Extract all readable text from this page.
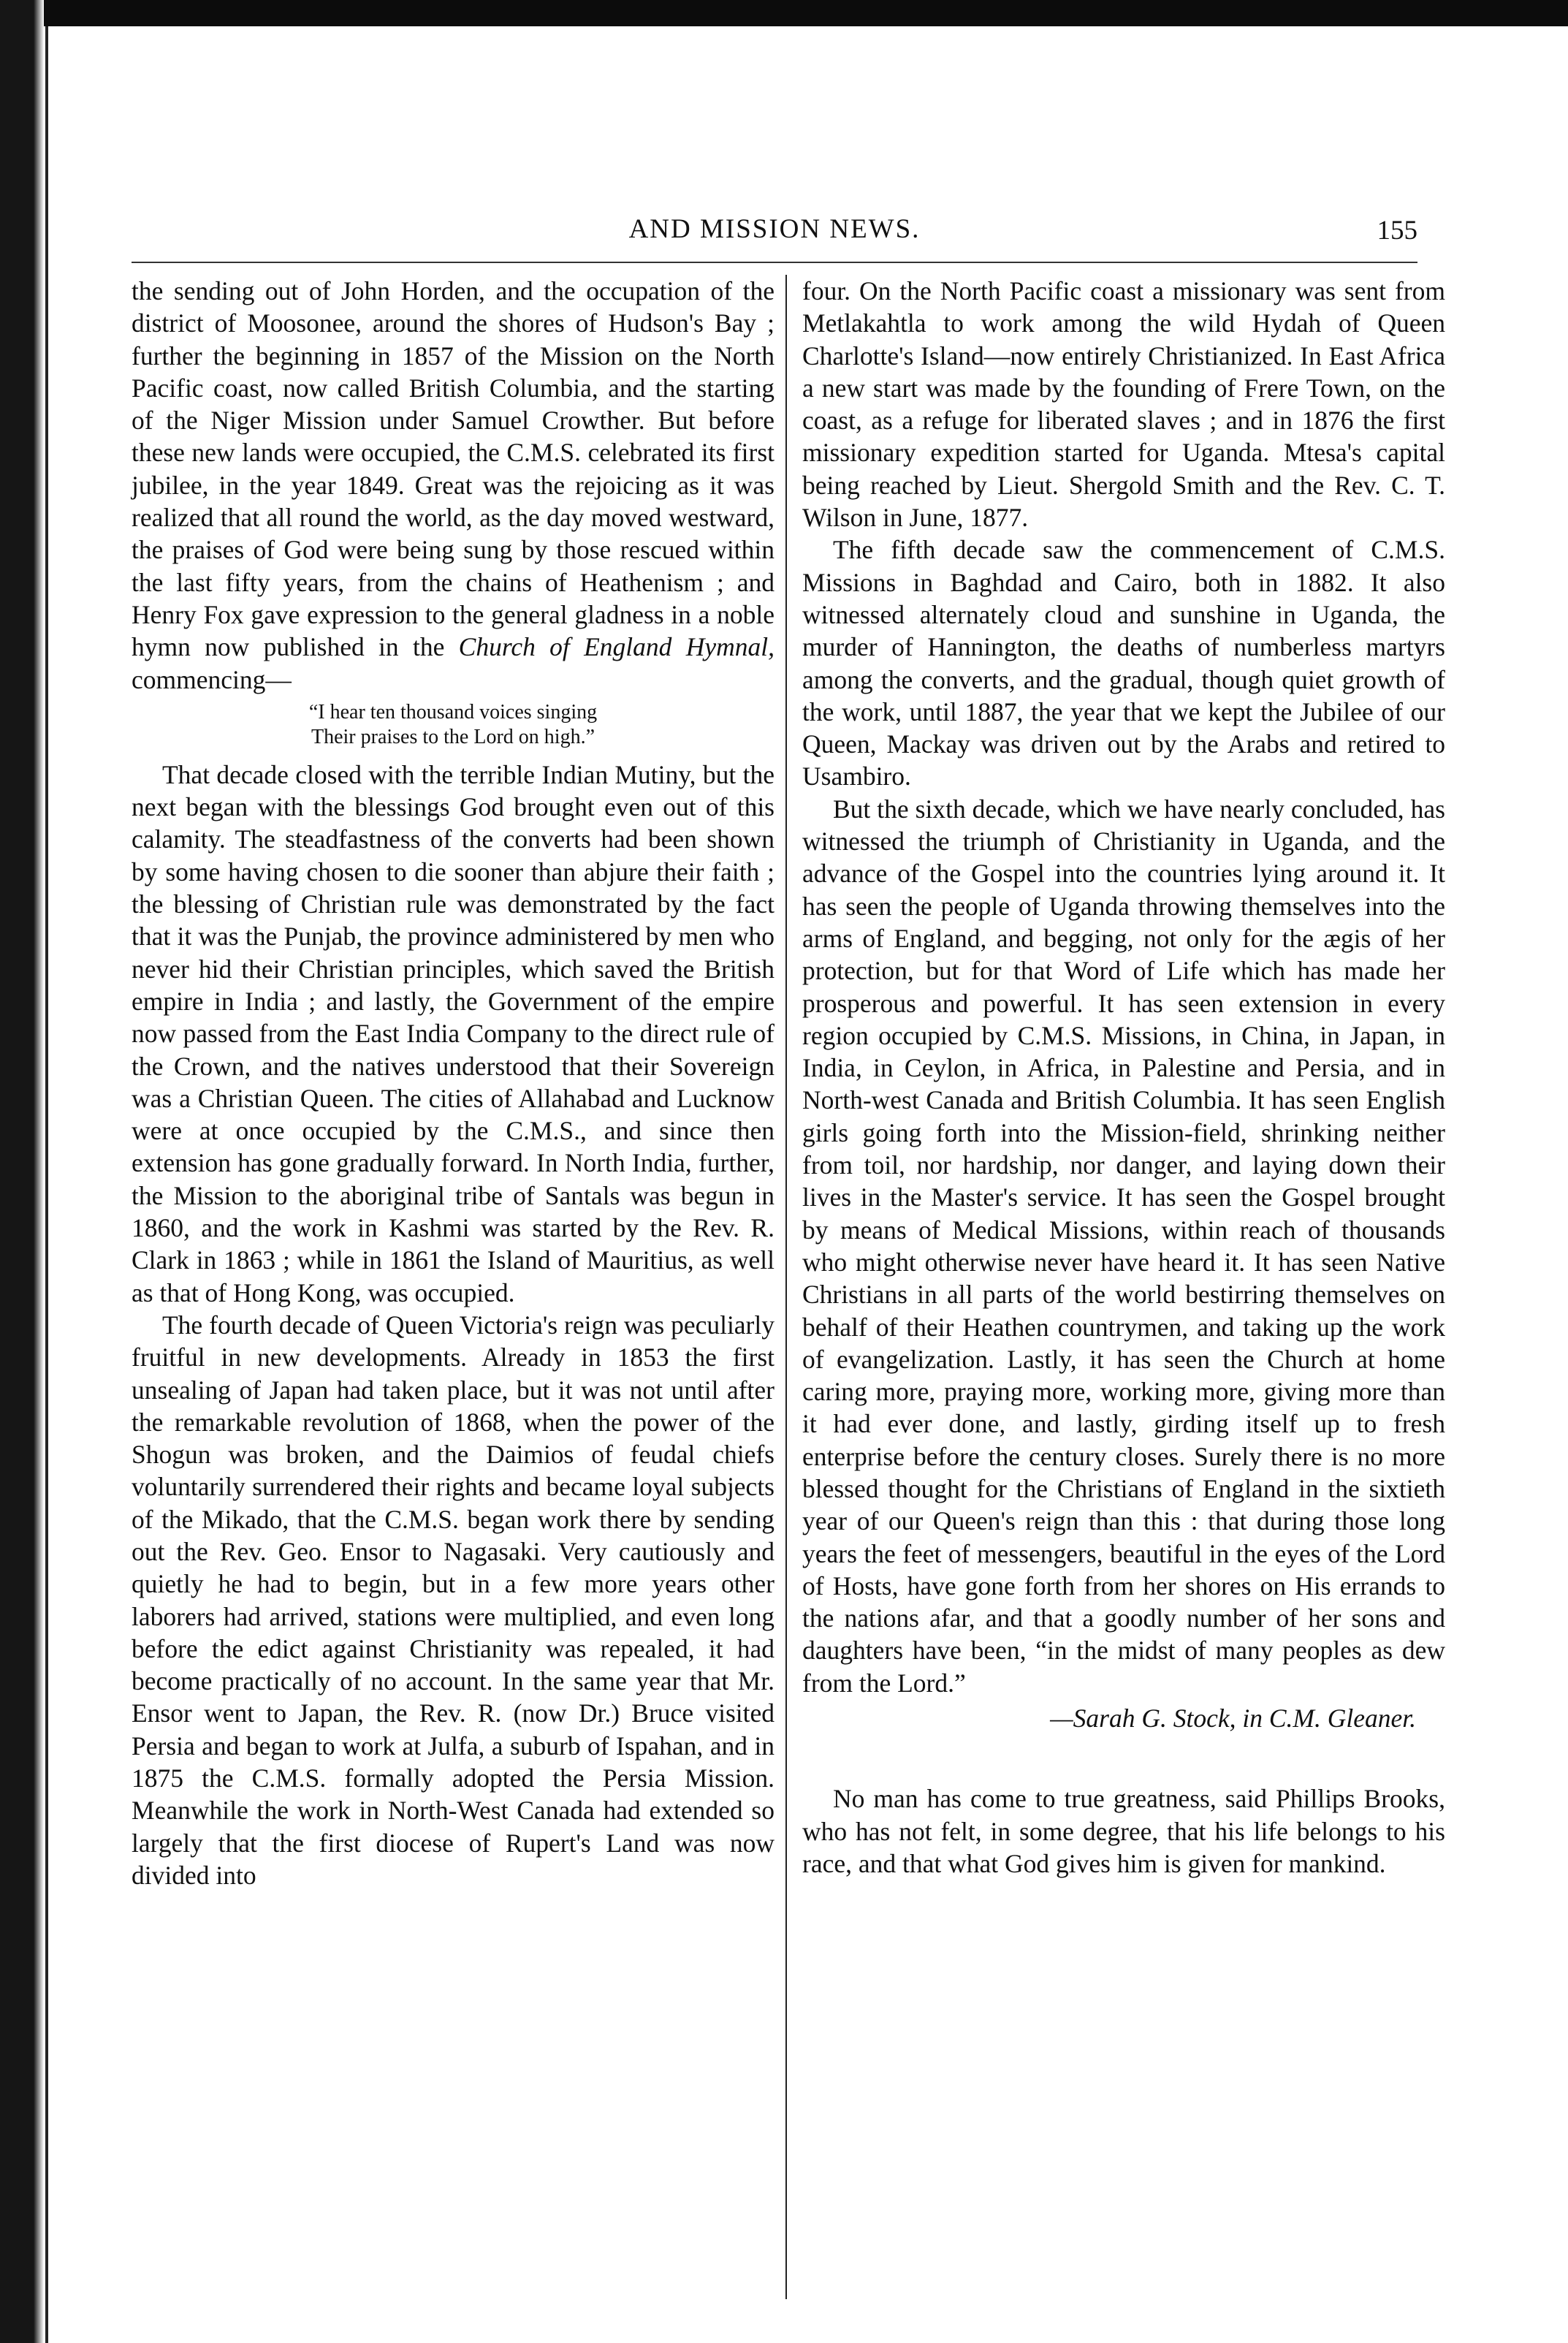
AND MISSION NEWS.	155

the sending out of John Horden, and the occupation of the district of Moosonee, around the shores of Hudson's Bay ; further the beginning in 1857 of the Mission on the North Pacific coast, now called British Columbia, and the starting of the Niger Mission under Samuel Crowther. But before these new lands were occupied, the C.M.S. celebrated its first jubilee, in the year 1849. Great was the rejoicing as it was realized that all round the world, as the day moved westward, the praises of God were being sung by those rescued within the last fifty years, from the chains of Heathenism ; and Henry Fox gave expression to the general gladness in a noble hymn now published in the Church of England Hymnal, commencing—

“I hear ten thousand voices singing
Their praises to the Lord on high.”

That decade closed with the terrible Indian Mutiny, but the next began with the blessings God brought even out of this calamity. The steadfastness of the converts had been shown by some having chosen to die sooner than abjure their faith ; the blessing of Christian rule was demonstrated by the fact that it was the Punjab, the province administered by men who never hid their Christian principles, which saved the British empire in India ; and lastly, the Government of the empire now passed from the East India Company to the direct rule of the Crown, and the natives understood that their Sovereign was a Christian Queen. The cities of Allahabad and Lucknow were at once occupied by the C.M.S., and since then extension has gone gradually forward. In North India, further, the Mission to the aboriginal tribe of Santals was begun in 1860, and the work in Kashmi was started by the Rev. R. Clark in 1863 ; while in 1861 the Island of Mauritius, as well as that of Hong Kong, was occupied.

The fourth decade of Queen Victoria's reign was peculiarly fruitful in new developments. Already in 1853 the first unsealing of Japan had taken place, but it was not until after the remarkable revolution of 1868, when the power of the Shogun was broken, and the Daimios of feudal chiefs voluntarily surrendered their rights and became loyal subjects of the Mikado, that the C.M.S. began work there by sending out the Rev. Geo. Ensor to Nagasaki. Very cautiously and quietly he had to begin, but in a few more years other laborers had arrived, stations were multiplied, and even long before the edict against Christianity was repealed, it had become practically of no account. In the same year that Mr. Ensor went to Japan, the Rev. R. (now Dr.) Bruce visited Persia and began to work at Julfa, a suburb of Ispahan, and in 1875 the C.M.S. formally adopted the Persia Mission. Meanwhile the work in North-West Canada had extended so largely that the first diocese of Rupert's Land was now divided into

four. On the North Pacific coast a missionary was sent from Metlakahtla to work among the wild Hydah of Queen Charlotte's Island—now entirely Christianized. In East Africa a new start was made by the founding of Frere Town, on the coast, as a refuge for liberated slaves ; and in 1876 the first missionary expedition started for Uganda. Mtesa's capital being reached by Lieut. Shergold Smith and the Rev. C. T. Wilson in June, 1877.

The fifth decade saw the commencement of C.M.S. Missions in Baghdad and Cairo, both in 1882. It also witnessed alternately cloud and sunshine in Uganda, the murder of Hannington, the deaths of numberless martyrs among the converts, and the gradual, though quiet growth of the work, until 1887, the year that we kept the Jubilee of our Queen, Mackay was driven out by the Arabs and retired to Usambiro.

But the sixth decade, which we have nearly concluded, has witnessed the triumph of Christianity in Uganda, and the advance of the Gospel into the countries lying around it. It has seen the people of Uganda throwing themselves into the arms of England, and begging, not only for the ægis of her protection, but for that Word of Life which has made her prosperous and powerful. It has seen extension in every region occupied by C.M.S. Missions, in China, in Japan, in India, in Ceylon, in Africa, in Palestine and Persia, and in North-west Canada and British Columbia. It has seen English girls going forth into the Mission-field, shrinking neither from toil, nor hardship, nor danger, and laying down their lives in the Master's service. It has seen the Gospel brought by means of Medical Missions, within reach of thousands who might otherwise never have heard it. It has seen Native Christians in all parts of the world bestirring themselves on behalf of their Heathen countrymen, and taking up the work of evangelization. Lastly, it has seen the Church at home caring more, praying more, working more, giving more than it had ever done, and lastly, girding itself up to fresh enterprise before the century closes. Surely there is no more blessed thought for the Christians of England in the sixtieth year of our Queen's reign than this : that during those long years the feet of messengers, beautiful in the eyes of the Lord of Hosts, have gone forth from her shores on His errands to the nations afar, and that a goodly number of her sons and daughters have been, “in the midst of many peoples as dew from the Lord.”

—Sarah G. Stock, in C.M. Gleaner.

No man has come to true greatness, said Phillips Brooks, who has not felt, in some degree, that his life belongs to his race, and that what God gives him is given for mankind.
